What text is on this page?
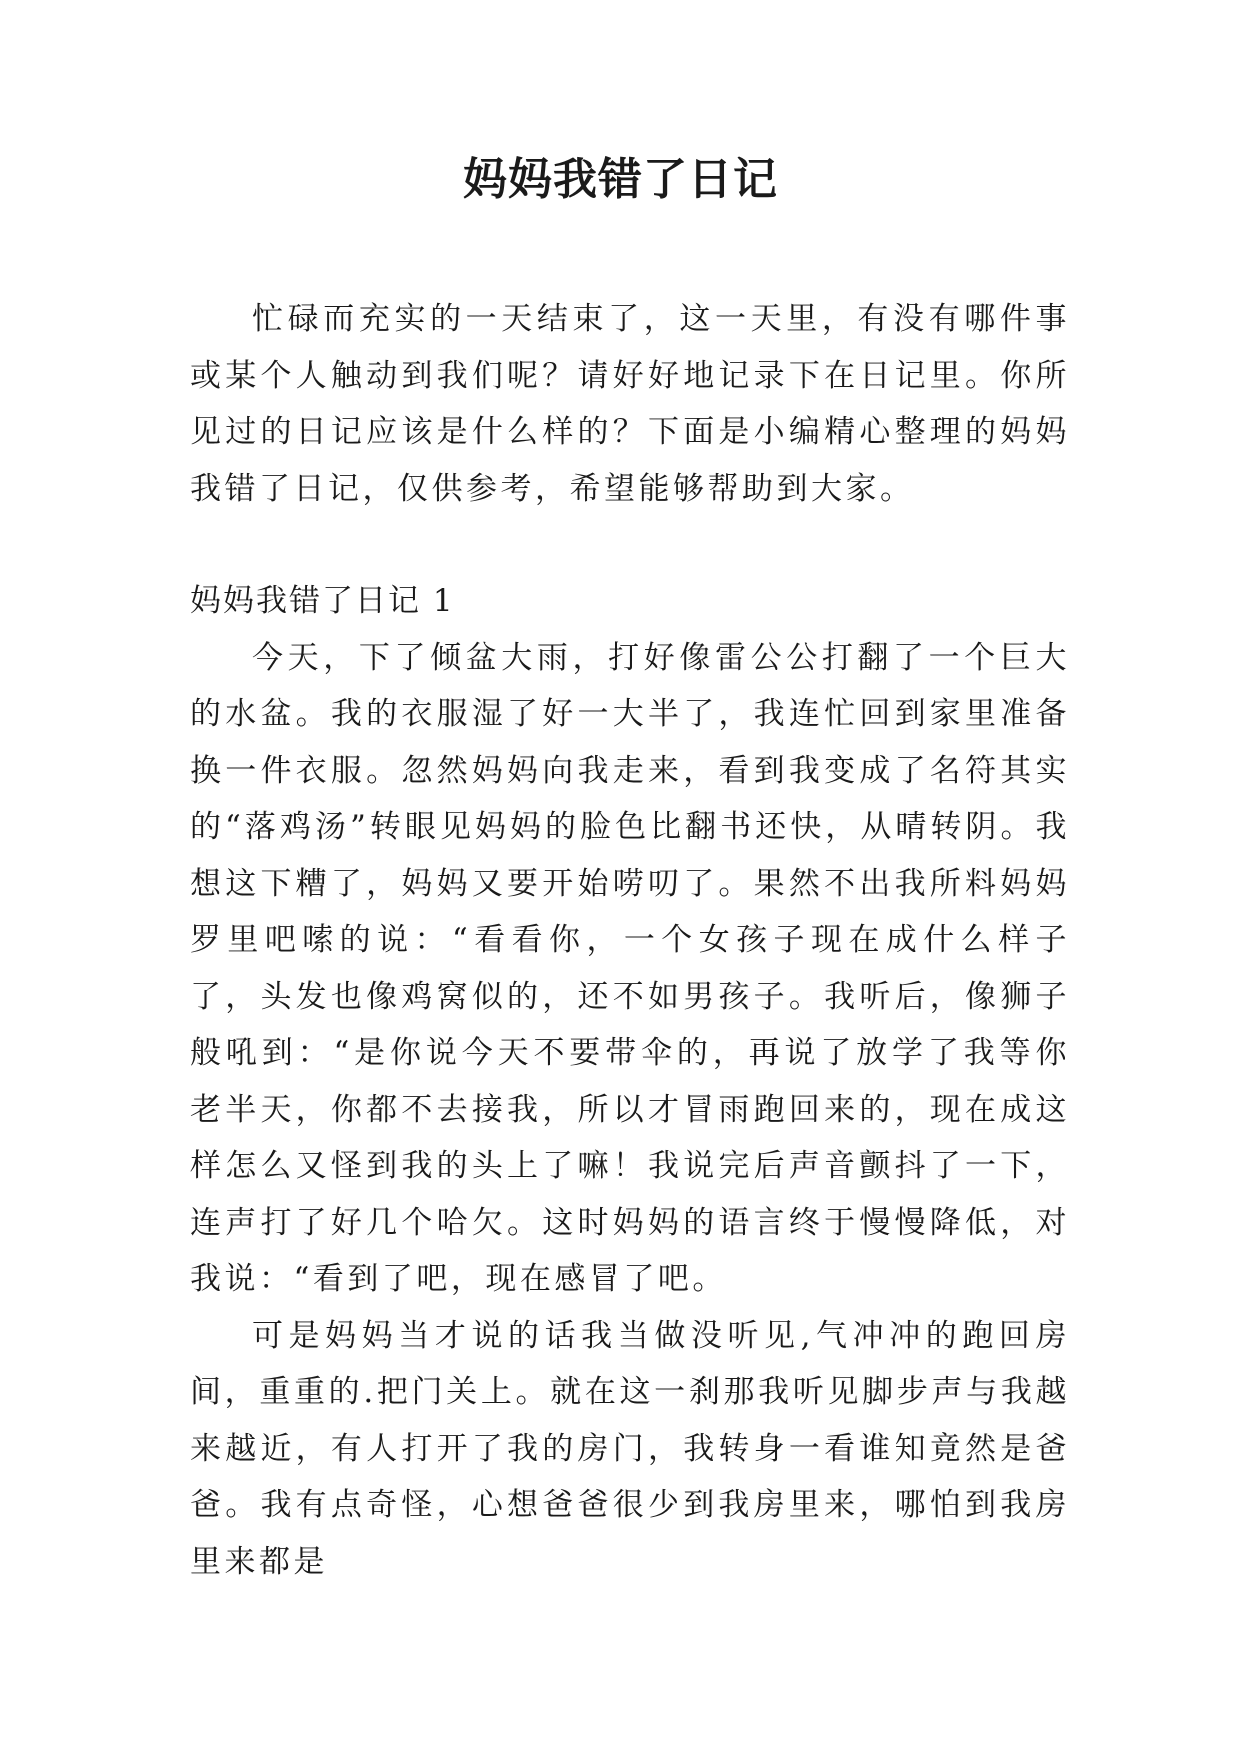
妈妈我错了日记

忙碌而充实的一天结束了，这一天里，有没有哪件事或某个人触动到我们呢？请好好地记录下在日记里。你所见过的日记应该是什么样的？下面是小编精心整理的妈妈我错了日记，仅供参考，希望能够帮助到大家。

妈妈我错了日记 1

今天，下了倾盆大雨，打好像雷公公打翻了一个巨大的水盆。我的衣服湿了好一大半了，我连忙回到家里准备换一件衣服。忽然妈妈向我走来，看到我变成了名符其实的“落鸡汤”转眼见妈妈的脸色比翻书还快，从晴转阴。我想这下糟了，妈妈又要开始唠叨了。果然不出我所料妈妈罗里吧嗦的说：“看看你，一个女孩子现在成什么样子了，头发也像鸡窝似的，还不如男孩子。我听后，像狮子般吼到：“是你说今天不要带伞的，再说了放学了我等你老半天，你都不去接我，所以才冒雨跑回来的，现在成这样怎么又怪到我的头上了嘛！我说完后声音颤抖了一下，连声打了好几个哈欠。这时妈妈的语言终于慢慢降低，对我说：“看到了吧，现在感冒了吧。

可是妈妈当才说的话我当做没听见,气冲冲的跑回房间，重重的.把门关上。就在这一刹那我听见脚步声与我越来越近，有人打开了我的房门，我转身一看谁知竟然是爸爸。我有点奇怪，心想爸爸很少到我房里来，哪怕到我房里来都是
